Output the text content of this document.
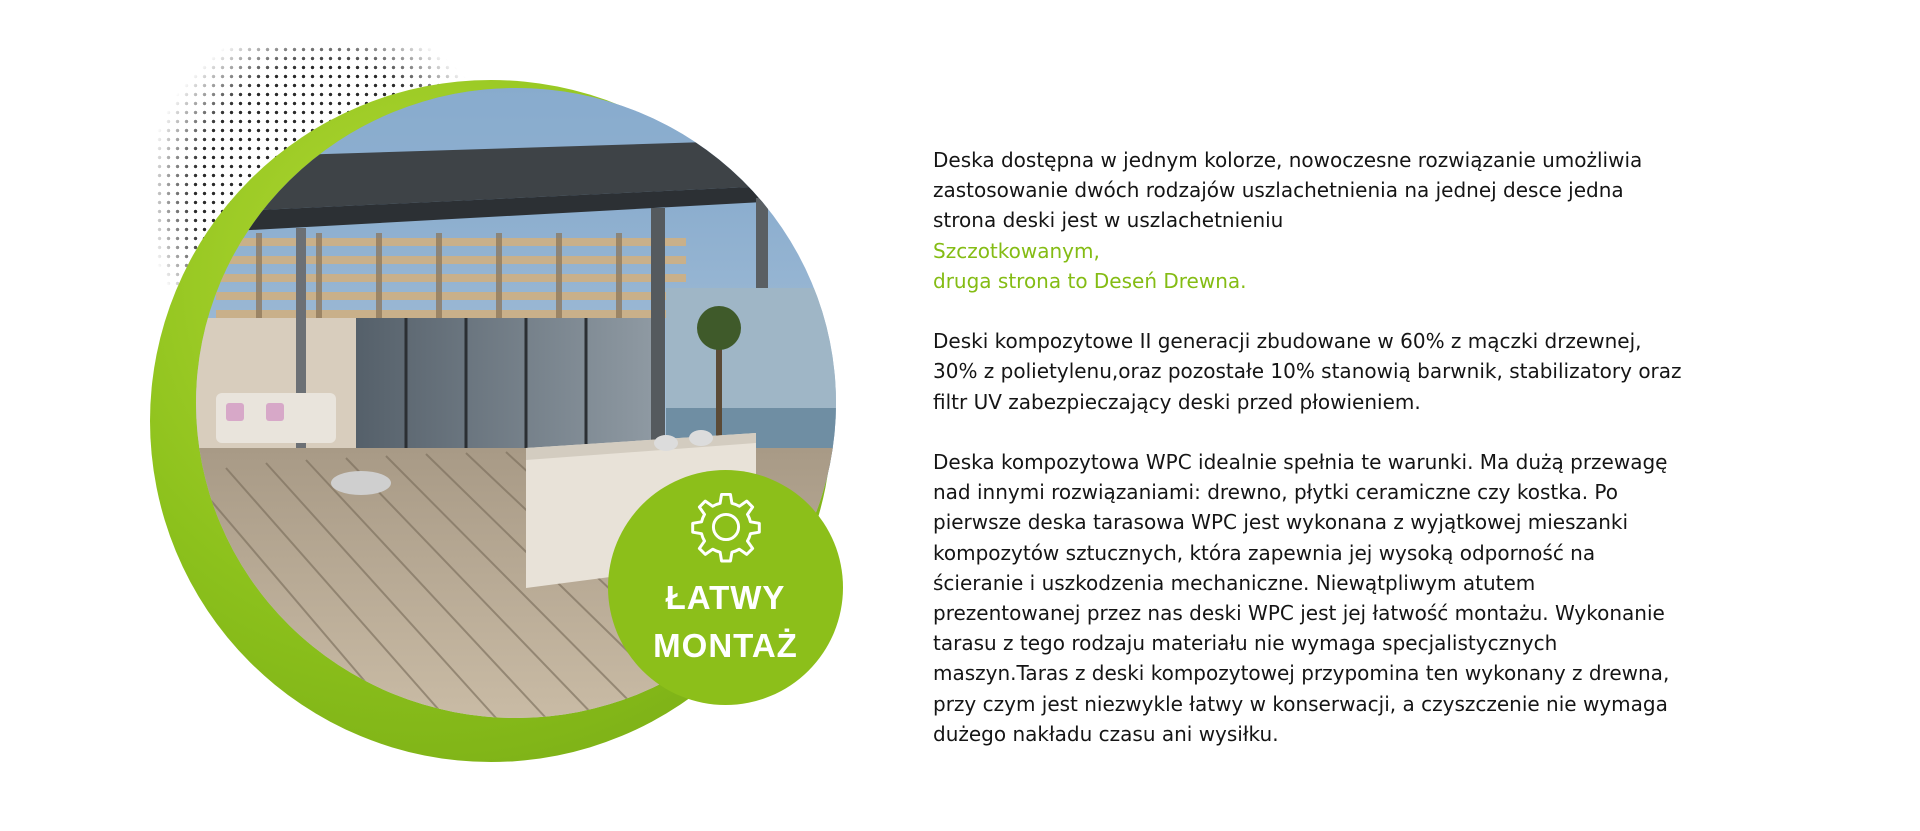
ŁATWY
MONTAŻ

Deska dostępna w jednym kolorze, nowoczesne rozwiązanie umożliwia

zastosowanie dwóch rodzajów uszlachetnienia na jednej desce jedna

strona deski jest w uszlachetnieniu

Szczotkowanym,

druga strona to Deseń Drewna.

Deski kompozytowe II generacji zbudowane w 60% z mączki drzewnej,

30% z polietylenu,oraz pozostałe 10% stanowią barwnik, stabilizatory oraz

filtr UV zabezpieczający deski przed płowieniem.

Deska kompozytowa WPC idealnie spełnia te warunki. Ma dużą przewagę

nad innymi rozwiązaniami: drewno, płytki ceramiczne czy kostka. Po

pierwsze deska tarasowa WPC jest wykonana z wyjątkowej mieszanki

kompozytów sztucznych, która zapewnia jej wysoką odporność na

ścieranie i uszkodzenia mechaniczne. Niewątpliwym atutem

prezentowanej przez nas deski WPC jest jej łatwość montażu. Wykonanie

tarasu z tego rodzaju materiału nie wymaga specjalistycznych

maszyn.Taras z deski kompozytowej przypomina ten wykonany z drewna,

przy czym jest niezwykle łatwy w konserwacji, a czyszczenie nie wymaga

dużego nakładu czasu ani wysiłku.
